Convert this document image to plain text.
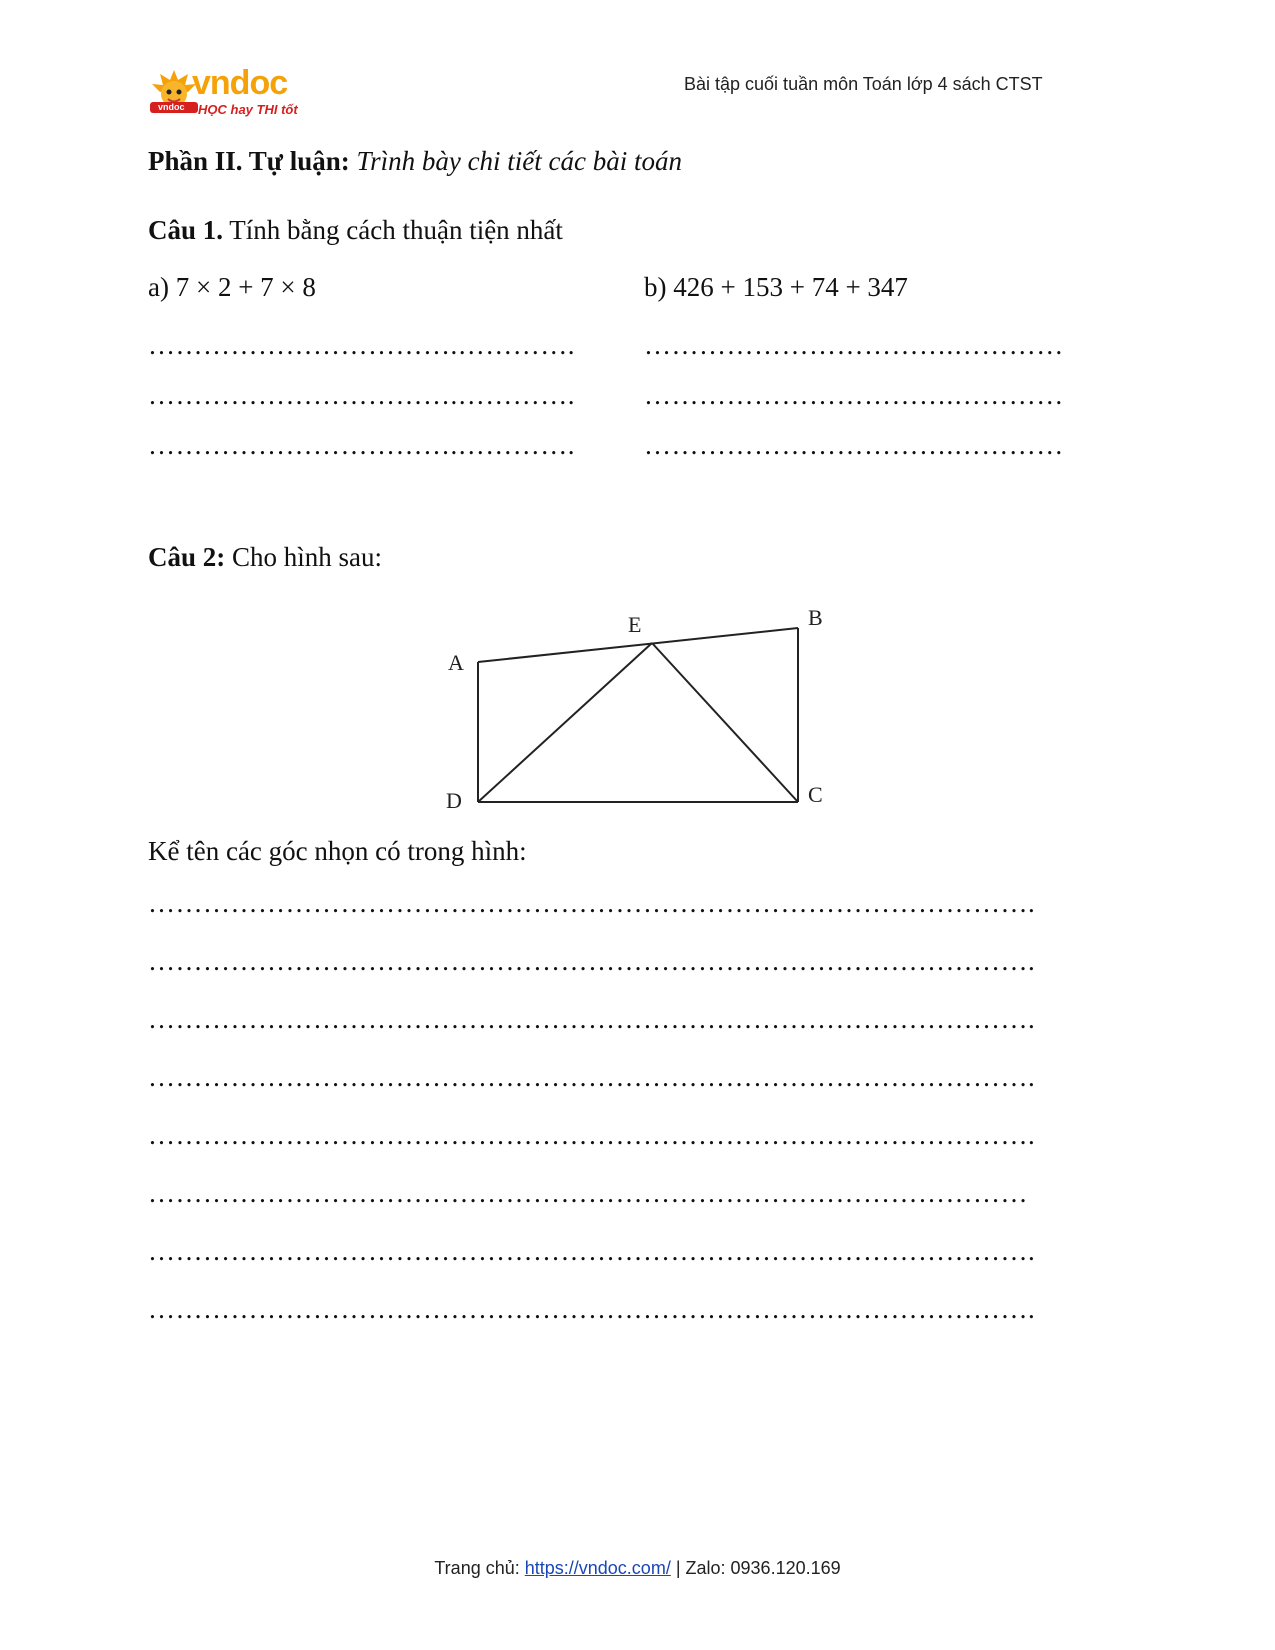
vndoc
vndoc
HỌC hay THI tốt
Bài tập cuối tuần môn Toán lớp 4 sách CTST
Phần II. Tự luận: Trình bày chi tiết các bài toán
Câu 1. Tính bằng cách thuận tiện nhất
a) 7 × 2 + 7 × 8	b) 426 + 153 + 74 + 347
…………………………….………….
…………………………….………….
…………………………….………….
…………………………….…………
…………………………….…………
…………………………….…………
Câu 2: Cho hình sau:
A
B
C
D
E
Kể tên các góc nhọn có trong hình:
…………………………………………………………………………………….
…………………………………………………………………………………….
…………………………………………………………………………………….
…………………………………………………………………………………….
…………………………………………………………………………………….
……………………………………………………………………………………
…………………………………………………………………………………….
…………………………………………………………………………………….
Trang chủ: https://vndoc.com/ | Zalo: 0936.120.169
